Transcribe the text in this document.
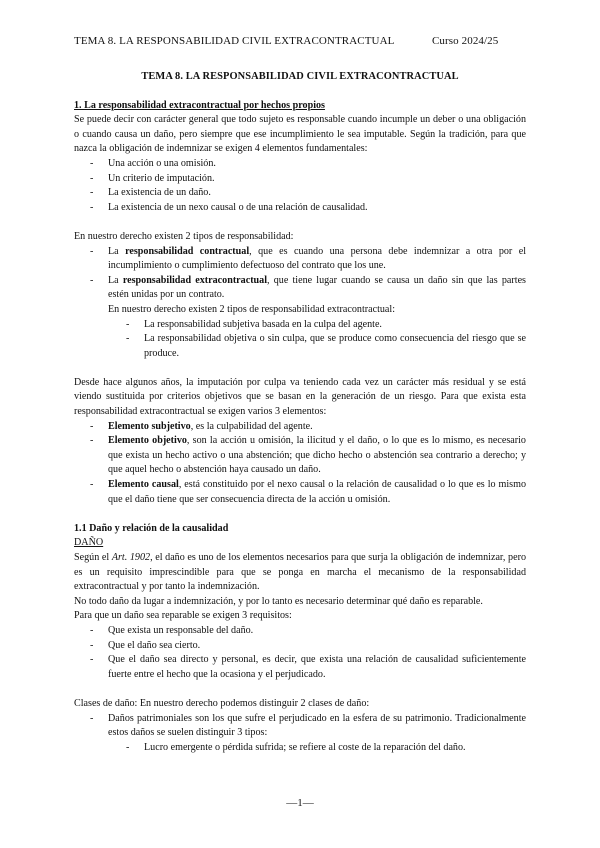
TEMA 8. LA RESPONSABILIDAD CIVIL EXTRACONTRACTUAL	Curso 2024/25
TEMA 8. LA RESPONSABILIDAD CIVIL EXTRACONTRACTUAL
1. La responsabilidad extracontractual por hechos propios

Se puede decir con carácter general que todo sujeto es responsable cuando incumple un deber o una obligación o cuando causa un daño, pero siempre que ese incumplimiento le sea imputable. Según la tradición, para que nazca la obligación de indemnizar se exigen 4 elementos fundamentales:

- Una acción o una omisión.
- Un criterio de imputación.
- La existencia de un daño.
- La existencia de un nexo causal o de una relación de causalidad.

En nuestro derecho existen 2 tipos de responsabilidad:

- La responsabilidad contractual, que es cuando una persona debe indemnizar a otra por el incumplimiento o cumplimiento defectuoso del contrato que los une.
- La responsabilidad extracontractual, que tiene lugar cuando se causa un daño sin que las partes estén unidas por un contrato.
En nuestro derecho existen 2 tipos de responsabilidad extracontractual:
- La responsabilidad subjetiva basada en la culpa del agente.
- La responsabilidad objetiva o sin culpa, que se produce como consecuencia del riesgo que se produce.

Desde hace algunos años, la imputación por culpa va teniendo cada vez un carácter más residual y se está viendo sustituida por criterios objetivos que se basan en la generación de un riesgo. Para que exista esta responsabilidad extracontractual se exigen varios 3 elementos:

- Elemento subjetivo, es la culpabilidad del agente.
- Elemento objetivo, son la acción u omisión, la ilicitud y el daño, o lo que es lo mismo, es necesario que exista un hecho activo o una abstención; que dicho hecho o abstención sea contrario a derecho; y que aquel hecho o abstención haya causado un daño.
- Elemento causal, está constituido por el nexo causal o la relación de causalidad o lo que es lo mismo que el daño tiene que ser consecuencia directa de la acción u omisión.
1.1 Daño y relación de la causalidad
DAÑO

Según el Art. 1902, el daño es uno de los elementos necesarios para que surja la obligación de indemnizar, pero es un requisito imprescindible para que se ponga en marcha el mecanismo de la responsabilidad extracontractual y por tanto la indemnización.

No todo daño da lugar a indemnización, y por lo tanto es necesario determinar qué daño es reparable.

Para que un daño sea reparable se exigen 3 requisitos:

- Que exista un responsable del daño.
- Que el daño sea cierto.
- Que el daño sea directo y personal, es decir, que exista una relación de causalidad suficientemente fuerte entre el hecho que la ocasiona y el perjudicado.

Clases de daño: En nuestro derecho podemos distinguir 2 clases de daño:

- Daños patrimoniales son los que sufre el perjudicado en la esfera de su patrimonio. Tradicionalmente estos daños se suelen distinguir 3 tipos:
- Lucro emergente o pérdida sufrida; se refiere al coste de la reparación del daño.
—1—
